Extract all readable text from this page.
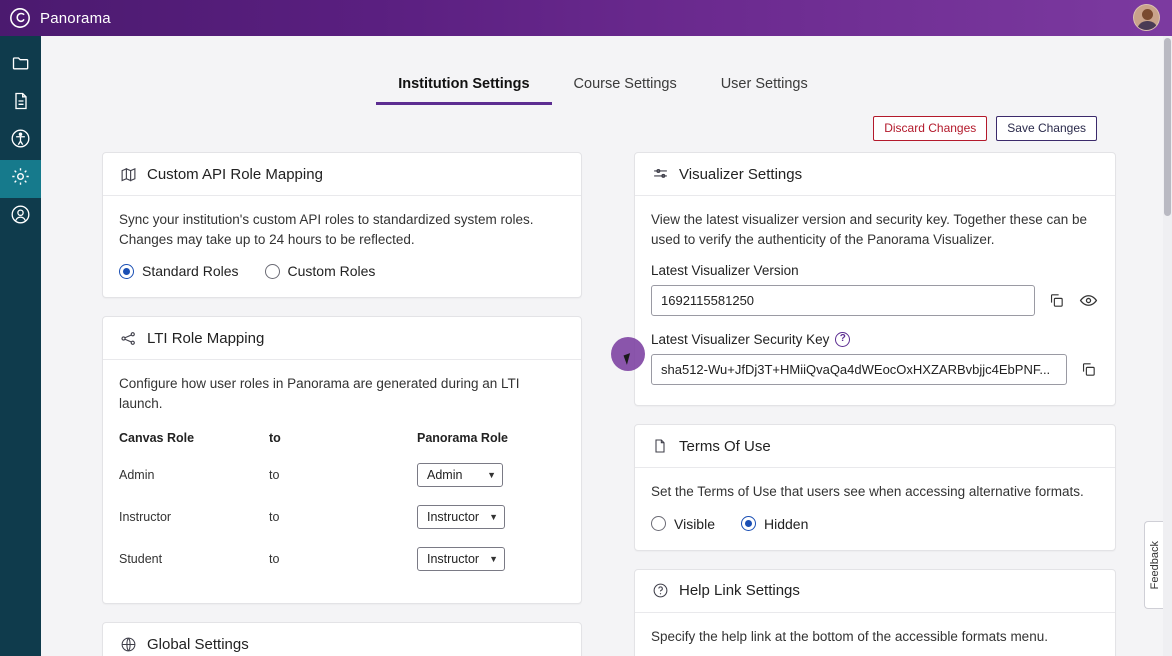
Panorama
Institution Settings	Course Settings	User Settings
Discard Changes	Save Changes
Custom API Role Mapping

Sync your institution's custom API roles to standardized system roles. Changes may take up to 24 hours to be reflected.

Standard Roles	Custom Roles
LTI Role Mapping

Configure how user roles in Panorama are generated during an LTI launch.

Canvas Role	to	Panorama Role
Admin	to	Admin ▼

Instructor	to	Instructor ▼

Student	to	Instructor ▼
Global Settings
Visualizer Settings

View the latest visualizer version and security key. Together these can be used to verify the authenticity of the Panorama Visualizer.

Latest Visualizer Version
1692115581250
Latest Visualizer Security Key	?
sha512-Wu+JfDj3T+HMiiQvaQa4dWEocOxHXZARBvbjjc4EbPNF...
Terms Of Use

Set the Terms of Use that users see when accessing alternative formats.

Visible	Hidden
Help Link Settings

Specify the help link at the bottom of the accessible formats menu.

Feedback
